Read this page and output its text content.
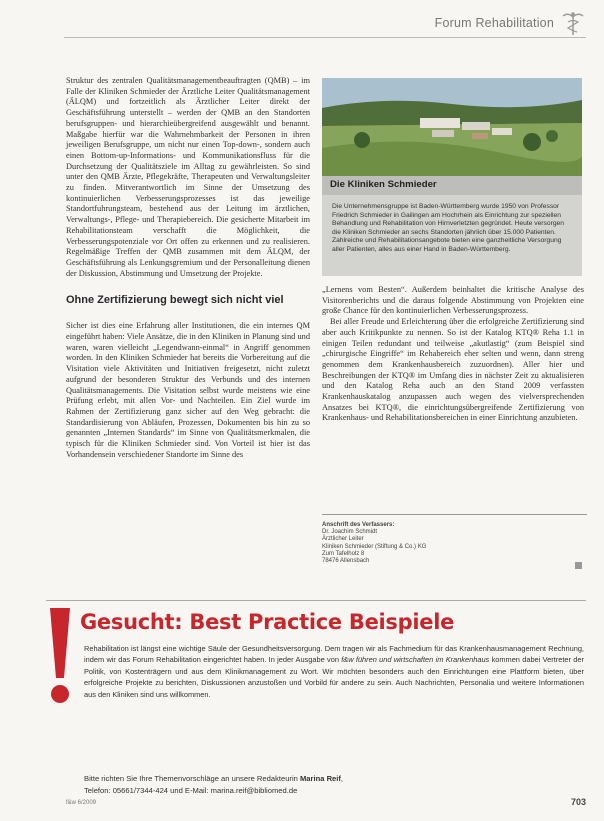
Forum Rehabilitation

Struktur des zentralen Qualitätsmanagementbeauftragten (QMB) – im Falle der Kliniken Schmieder der Ärztliche Leiter Qualitätsmanagement (ÄLQM) und fortzeitlich als Ärztlicher Leiter direkt der Geschäftsführung unterstellt – werden der QMB an den Standorten berufsgruppen- und hierarchieübergreifend ausgewählt und benannt. Maßgabe hierfür war die Wahrnehmbarkeit der Personen in ihren jeweiligen Berufsgruppe, um nicht nur einen Top-down-, sondern auch einen Bottom-up-Informations- und Kommunikationsfluss für die Durchsetzung der Qualitätsziele im Alltag zu gewährleisten. So sind unter den QMB Ärzte, Pflegekräfte, Therapeuten und Verwaltungsleiter zu finden. Mitverantwortlich im Sinne der Umsetzung des kontinuierlichen Verbesserungsprozesses ist das jeweilige Standortfuhrungsteam, bestehend aus der Leitung im ärztlichen, Verwaltungs-, Pflege- und Therapiebereich. Die gesicherte Mitarbeit im Rehabilitationsteam verschafft die Möglichkeit, die Verbesserungspotenziale vor Ort offen zu erkennen und zu realisieren. Regelmäßige Treffen der QMB zusammen mit dem ÄLQM, der Geschäftsführung als Lenkungsgremium und der Personalleitung dienen der Diskussion, Abstimmung und Umsetzung der Projekte.

Ohne Zertifizierung bewegt sich nicht viel

Sicher ist dies eine Erfahrung aller Institutionen, die ein internes QM eingeführt haben: Viele Ansätze, die in den Kliniken in Planung sind und waren, waren vielleicht „Legendwann-einmal“ in Angriff genommen worden. In den Kliniken Schmieder hat bereits die Vorbereitung auf die Visitation viele Aktivitäten und Initiativen freigesetzt, nicht zuletzt aufgrund der besonderen Struktur des Verbunds und des internen Qualitätsmanagements. Die Visitation selbst wurde meistens wie eine Prüfung erlebt, mit allen Vor- und Nachteilen. Ein Ziel wurde im Rahmen der Zertifizierung ganz sicher auf den Weg gebracht: die Standardisierung von Abläufen, Prozessen, Dokumenten bis hin zu so genannten „Internen Standards“ im Sinne von Qualitätsmerkmalen, die typisch für die Kliniken Schmieder sind. Von Vorteil ist hier ist das Vorhandensein verschiedener Standorte im Sinne des

Die Kliniken Schmieder
Die Unternehmensgruppe ist Baden-Württemberg wurde 1950 von Professor Friedrich Schmieder in Gailingen am Hochrhein als Einrichtung zur speziellen Behandlung und Rehabilitation von Hirnverletzten gegründet. Heute versorgen die Kliniken Schmieder an sechs Standorten jährlich über 15.000 Patienten. Zahlreiche und Rehabilitationsangebote bieten eine ganzheitliche Versorgung aller Patienten, alles aus einer Hand in Baden-Württemberg.

„Lernens vom Besten“. Außerdem beinhaltet die kritische Analyse des Visitorenberichts und die daraus folgende Abstimmung von Projekten eine große Chance für den kontinuierlichen Verbesserungsprozess.

Bei aller Freude und Erleichterung über die erfolgreiche Zertifizierung sind aber auch Kritikpunkte zu nennen. So ist der Katalog KTQ® Reha 1.1 in einigen Teilen redundant und teilweise „akutlastig“ (zum Beispiel sind „chirurgische Eingriffe“ im Rehabereich eher selten und wenn, dann streng genommen dem Krankenhausbereich zuzuordnen). Aller hier und Beschreibungen der KTQ® im Umfang dies in nächster Zeit zu aktualisieren und den Katalog Reha auch an den Stand 2009 verfassten Krankenhauskatalog anzupassen auch wegen des vielversprechenden Ansatzes bei KTQ®, die einrichtungsübergreifende Zertifizierung von Krankenhaus- und Rehabilitationsbereichen in einer Einrichtung anzubieten.

Anschrift des Verfassers:
Dr. Joachim Schmidt
Ärztlicher Leiter
Kliniken Schmieder (Stiftung & Co.) KG
Zum Tafelholz 8
78476 Allensbach
Gesucht: Best Practice Beispiele
Rehabilitation ist längst eine wichtige Säule der Gesundheitsversorgung. Dem tragen wir als Fachmedium für das Krankenhausmanagement Rechnung, indem wir das Forum Rehabilitation eingerichtet haben. In jeder Ausgabe von f&w führen und wirtschaften im Krankenhaus kommen dabei Vertreter der Politik, von Kostenträgern und aus dem Klinikmanagement zu Wort. Wir möchten besonders auch den Einrichtungen eine Plattform bieten, über erfolgreiche Projekte zu berichten, Diskussionen anzustoßen und Vorbild für andere zu sein. Auch Nachrichten, Personalia und weitere Informationen aus den Kliniken sind uns willkommen.
Bitte richten Sie Ihre Themenvorschläge an unsere Redakteurin Marina Reif,
Telefon: 05661/7344-424 und E-Mail: marina.reif@bibliomed.de
f&w 6/2009	703
